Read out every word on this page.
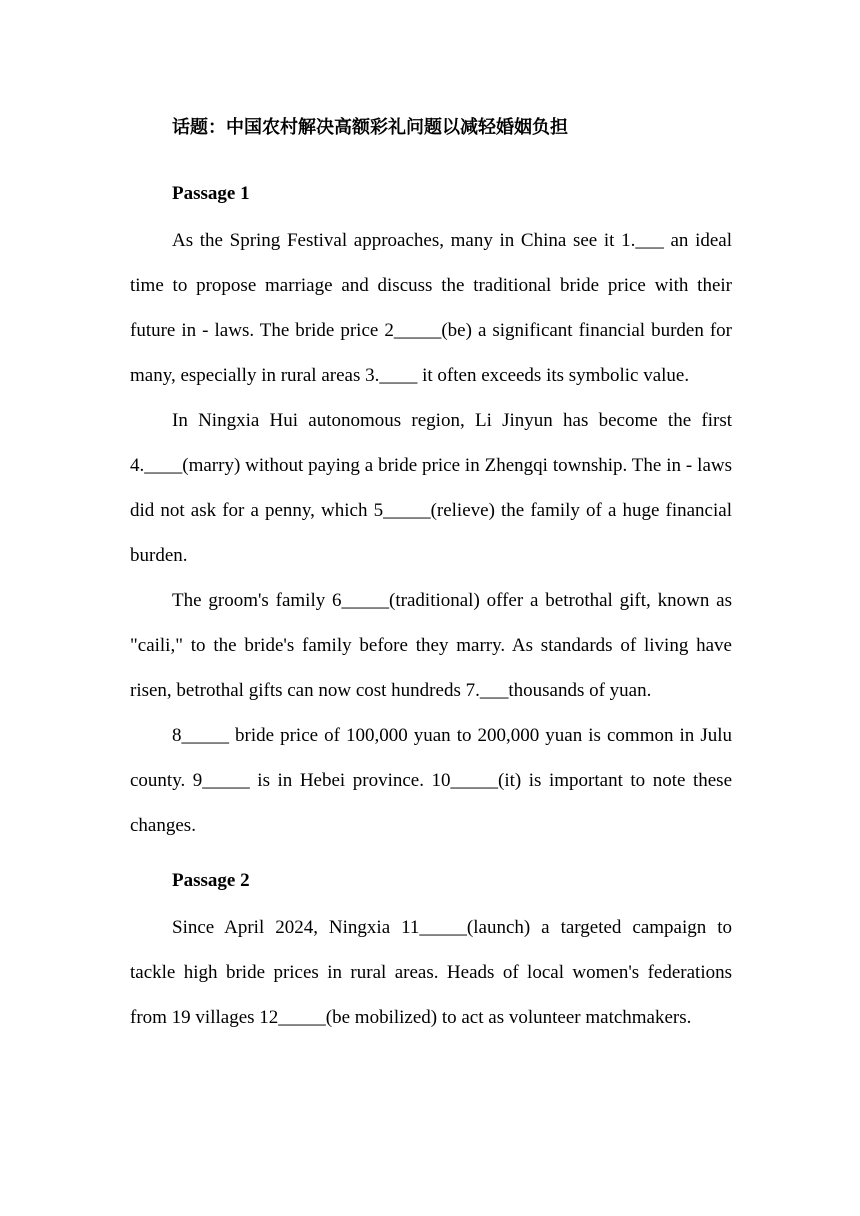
话题：中国农村解决高额彩礼问题以减轻婚姻负担

Passage 1

As the Spring Festival approaches, many in China see it 1.___ an ideal time to propose marriage and discuss the traditional bride price with their future in - laws. The bride price 2_____(be) a significant financial burden for many, especially in rural areas 3.____ it often exceeds its symbolic value.

In Ningxia Hui autonomous region, Li Jinyun has become the first 4.____(marry) without paying a bride price in Zhengqi township. The in - laws did not ask for a penny, which 5_____(relieve) the family of a huge financial burden.

The groom's family 6_____(traditional) offer a betrothal gift, known as "caili," to the bride's family before they marry. As standards of living have risen, betrothal gifts can now cost hundreds 7.___thousands of yuan.

8_____ bride price of 100,000 yuan to 200,000 yuan is common in Julu county. 9_____ is in Hebei province. 10_____(it) is important to note these changes.

Passage 2

Since April 2024, Ningxia 11_____(launch) a targeted campaign to tackle high bride prices in rural areas. Heads of local women's federations from 19 villages 12_____(be mobilized) to act as volunteer matchmakers.
